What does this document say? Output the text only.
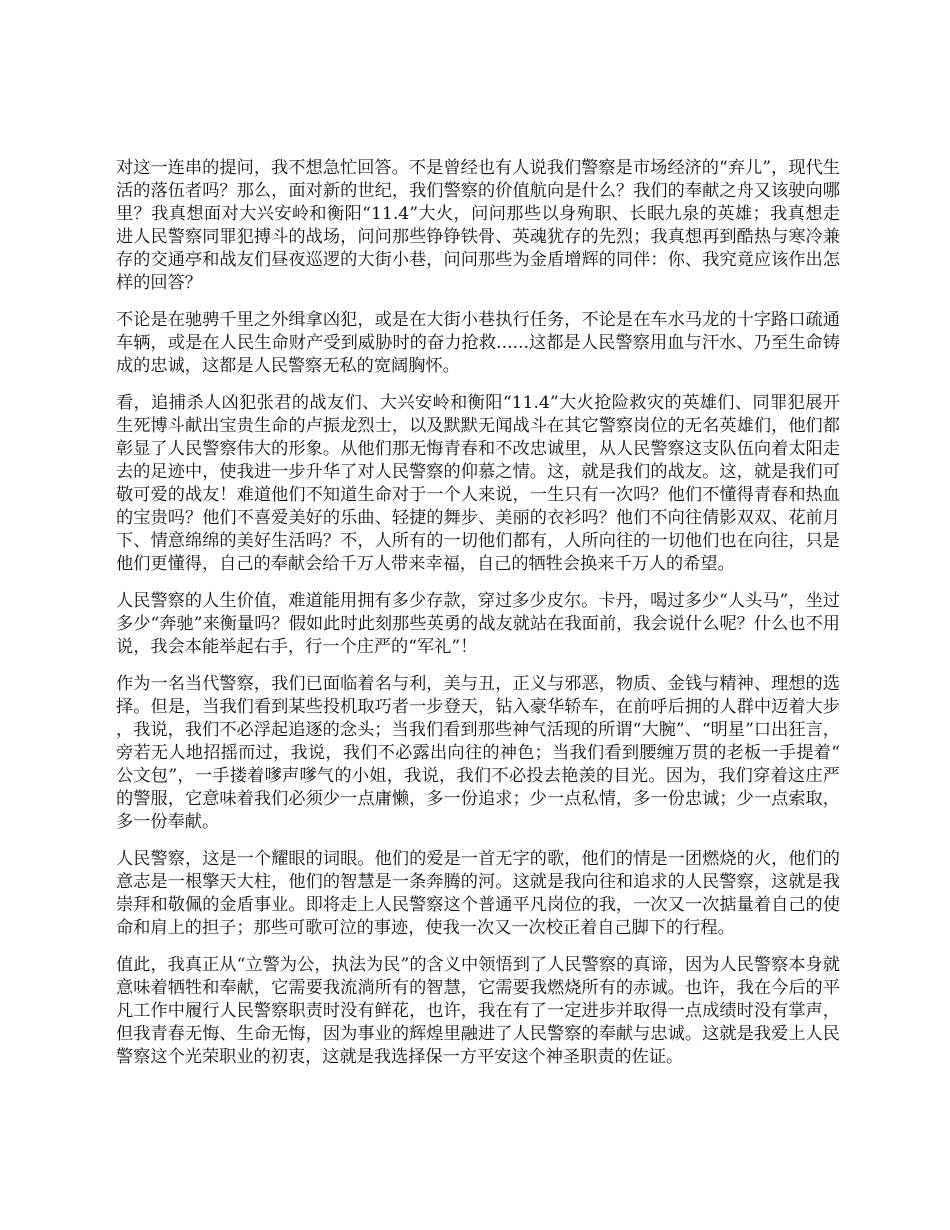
对这一连串的提问，我不想急忙回答。不是曾经也有人说我们警察是市场经济的“弃儿”，现代生活的落伍者吗？那么，面对新的世纪，我们警察的价值航向是什么？我们的奉献之舟又该驶向哪里？我真想面对大兴安岭和衡阳“11.4”大火，问问那些以身殉职、长眠九泉的英雄；我真想走进人民警察同罪犯搏斗的战场，问问那些铮铮铁骨、英魂犹存的先烈；我真想再到酷热与寒冷兼存的交通亭和战友们昼夜巡逻的大街小巷，问问那些为金盾增辉的同伴：你、我究竟应该作出怎样的回答？

不论是在驰骋千里之外缉拿凶犯，或是在大街小巷执行任务，不论是在车水马龙的十字路口疏通车辆，或是在人民生命财产受到威胁时的奋力抢救......这都是人民警察用血与汗水、乃至生命铸成的忠诚，这都是人民警察无私的宽阔胸怀。

看，追捕杀人凶犯张君的战友们、大兴安岭和衡阳“11.4”大火抢险救灾的英雄们、同罪犯展开生死博斗献出宝贵生命的卢振龙烈士，以及默默无闻战斗在其它警察岗位的无名英雄们，他们都彰显了人民警察伟大的形象。从他们那无悔青春和不改忠诚里，从人民警察这支队伍向着太阳走去的足迹中，使我进一步升华了对人民警察的仰慕之情。这，就是我们的战友。这，就是我们可敬可爱的战友！难道他们不知道生命对于一个人来说，一生只有一次吗？他们不懂得青春和热血的宝贵吗？他们不喜爱美好的乐曲、轻捷的舞步、美丽的衣衫吗？他们不向往倩影双双、花前月下、情意绵绵的美好生活吗？不，人所有的一切他们都有，人所向往的一切他们也在向往，只是他们更懂得，自己的奉献会给千万人带来幸福，自己的牺牲会换来千万人的希望。

人民警察的人生价值，难道能用拥有多少存款，穿过多少皮尔。卡丹，喝过多少“人头马”，坐过多少“奔驰”来衡量吗？假如此时此刻那些英勇的战友就站在我面前，我会说什么呢？什么也不用说，我会本能举起右手，行一个庄严的“军礼”！

作为一名当代警察，我们已面临着名与利，美与丑，正义与邪恶，物质、金钱与精神、理想的选择。但是，当我们看到某些投机取巧者一步登天，钻入豪华轿车，在前呼后拥的人群中迈着大步，我说，我们不必浮起追逐的念头；当我们看到那些神气活现的所谓“大腕”、“明星”口出狂言，旁若无人地招摇而过，我说，我们不必露出向往的神色；当我们看到腰缠万贯的老板一手提着“公文包”，一手搂着嗲声嗲气的小姐，我说，我们不必投去艳羡的目光。因为，我们穿着这庄严的警服，它意味着我们必须少一点庸懒，多一份追求；少一点私情，多一份忠诚；少一点索取，多一份奉献。

人民警察，这是一个耀眼的词眼。他们的爱是一首无字的歌，他们的情是一团燃烧的火，他们的意志是一根擎天大柱，他们的智慧是一条奔腾的河。这就是我向往和追求的人民警察，这就是我崇拜和敬佩的金盾事业。即将走上人民警察这个普通平凡岗位的我，一次又一次掂量着自己的使命和肩上的担子；那些可歌可泣的事迹，使我一次又一次校正着自己脚下的行程。

值此，我真正从“立警为公，执法为民”的含义中领悟到了人民警察的真谛，因为人民警察本身就意味着牺牲和奉献，它需要我流淌所有的智慧，它需要我燃烧所有的赤诚。也许，我在今后的平凡工作中履行人民警察职责时没有鲜花，也许，我在有了一定进步并取得一点成绩时没有掌声，但我青春无悔、生命无悔，因为事业的辉煌里融进了人民警察的奉献与忠诚。这就是我爱上人民警察这个光荣职业的初衷，这就是我选择保一方平安这个神圣职责的佐证。
